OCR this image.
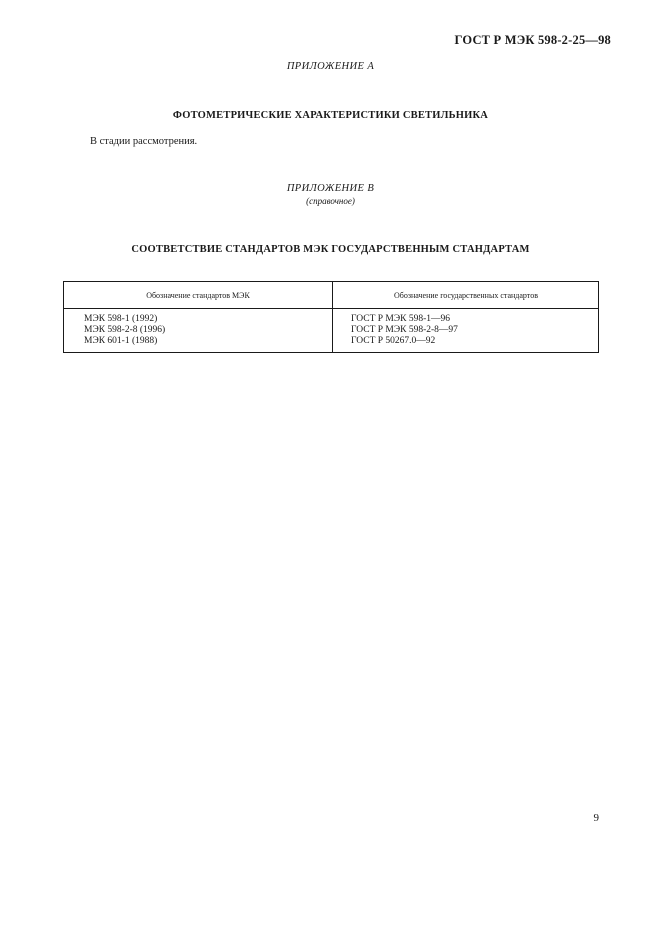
ГОСТ Р МЭК 598-2-25—98
ПРИЛОЖЕНИЕ А
ФОТОМЕТРИЧЕСКИЕ ХАРАКТЕРИСТИКИ СВЕТИЛЬНИКА
В стадии рассмотрения.
ПРИЛОЖЕНИЕ В
(справочное)
СООТВЕТСТВИЕ СТАНДАРТОВ МЭК ГОСУДАРСТВЕННЫМ СТАНДАРТАМ
Обозначение стандартов МЭК	Обозначение государственных стандартов
МЭК 598-1 (1992)
МЭК 598-2-8 (1996)
МЭК 601-1 (1988)
ГОСТ Р МЭК 598-1—96
ГОСТ Р МЭК 598-2-8—97
ГОСТ Р 50267.0—92
9
